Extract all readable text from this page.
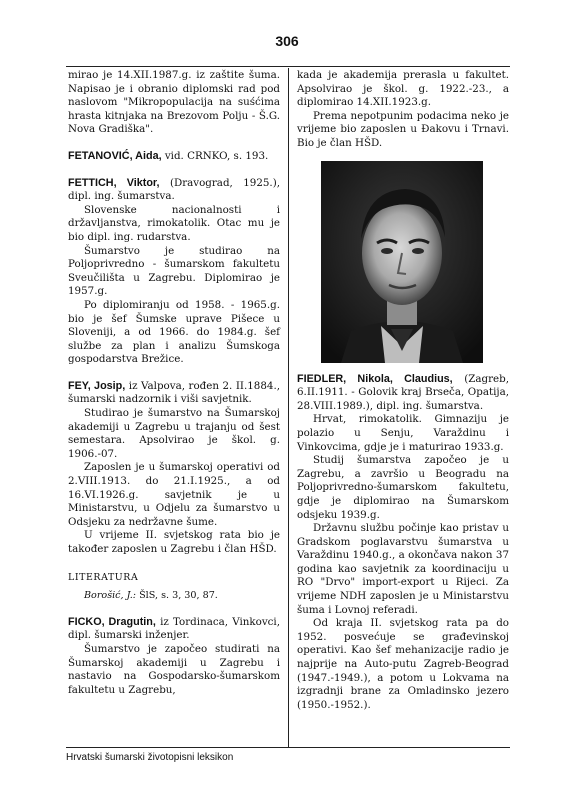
306

mirao je 14.XII.1987.g. iz zaštite šuma. Napisao je i obranio diplomski rad pod naslovom "Mikropopulacija na suśćima hrasta kitnjaka na Brezovom Polju - Š.G. Nova Gradiška".

FETANOVIĆ, Aida, vid. CRNKO, s. 193.

FETTICH, Viktor, (Dravograd, 1925.), dipl. ing. šumarstva.

Slovenske nacionalnosti i državljanstva, rimokatolik. Otac mu je bio dipl. ing. rudarstva.

Šumarstvo je studirao na Poljoprivredno - šumarskom fakultetu Sveučilišta u Zagrebu. Diplomirao je 1957.g.

Po diplomiranju od 1958. - 1965.g. bio je šef Šumske uprave Pišece u Sloveniji, a od 1966. do 1984.g. šef službe za plan i analizu Šumskoga gospodarstva Brežice.

FEY, Josip, iz Valpova, rođen 2. II.1884., šumarski nadzornik i viši savjetnik.

Studirao je šumarstvo na Šumarskoj akademiji u Zagrebu u trajanju od šest semestara. Apsolvirao je škol. g. 1906.-07.

Zaposlen je u šumarskoj operativi od 2.VIII.1913. do 21.I.1925., a od 16.VI.1926.g. savjetnik je u Ministarstvu, u Odjelu za šumarstvo u Odsjeku za nedržavne šume.

U vrijeme II. svjetskog rata bio je također zaposlen u Zagrebu i član HŠD.

LITERATURA

Borošić, J.: ŠlS, s. 3, 30, 87.

FICKO, Dragutin, iz Tordinaca, Vinkovci, dipl. šumarski inženjer.

Šumarstvo je započeo studirati na Šumarskoj akademiji u Zagrebu i nastavio na Gospodarsko-šumarskom fakultetu u Zagrebu,

kada je akademija prerasla u fakultet. Apsolvirao je škol. g. 1922.-23., a diplomirao 14.XII.1923.g.

Prema nepotpunim podacima neko je vrijeme bio zaposlen u Đakovu i Trnavi. Bio je član HŠD.

FIEDLER, Nikola, Claudius, (Zagreb, 6.II.1911. - Golovik kraj Brseča, Opatija, 28.VIII.1989.), dipl. ing. šumarstva.

Hrvat, rimokatolik. Gimnaziju je polazio u Senju, Varaždinu i Vinkovcima, gdje je i maturirao 1933.g.

Studij šumarstva započeo je u Zagrebu, a završio u Beogradu na Poljoprivredno-šumarskom fakultetu, gdje je diplomirao na Šumarskom odsjeku 1939.g.

Državnu službu počinje kao pristav u Gradskom poglavarstvu šumarstva u Varaždinu 1940.g., a okončava nakon 37 godina kao savjetnik za koordinaciju u RO "Drvo" import-export u Rijeci. Za vrijeme NDH zaposlen je u Ministarstvu šuma i Lovnoj referadi.

Od kraja II. svjetskog rata pa do 1952. posvećuje se građevinskoj operativi. Kao šef mehanizacije radio je najprije na Auto-putu Zagreb-Beograd (1947.-1949.), a potom u Lokvama na izgradnji brane za Omladinsko jezero (1950.-1952.).

Hrvatski šumarski životopisni leksikon
